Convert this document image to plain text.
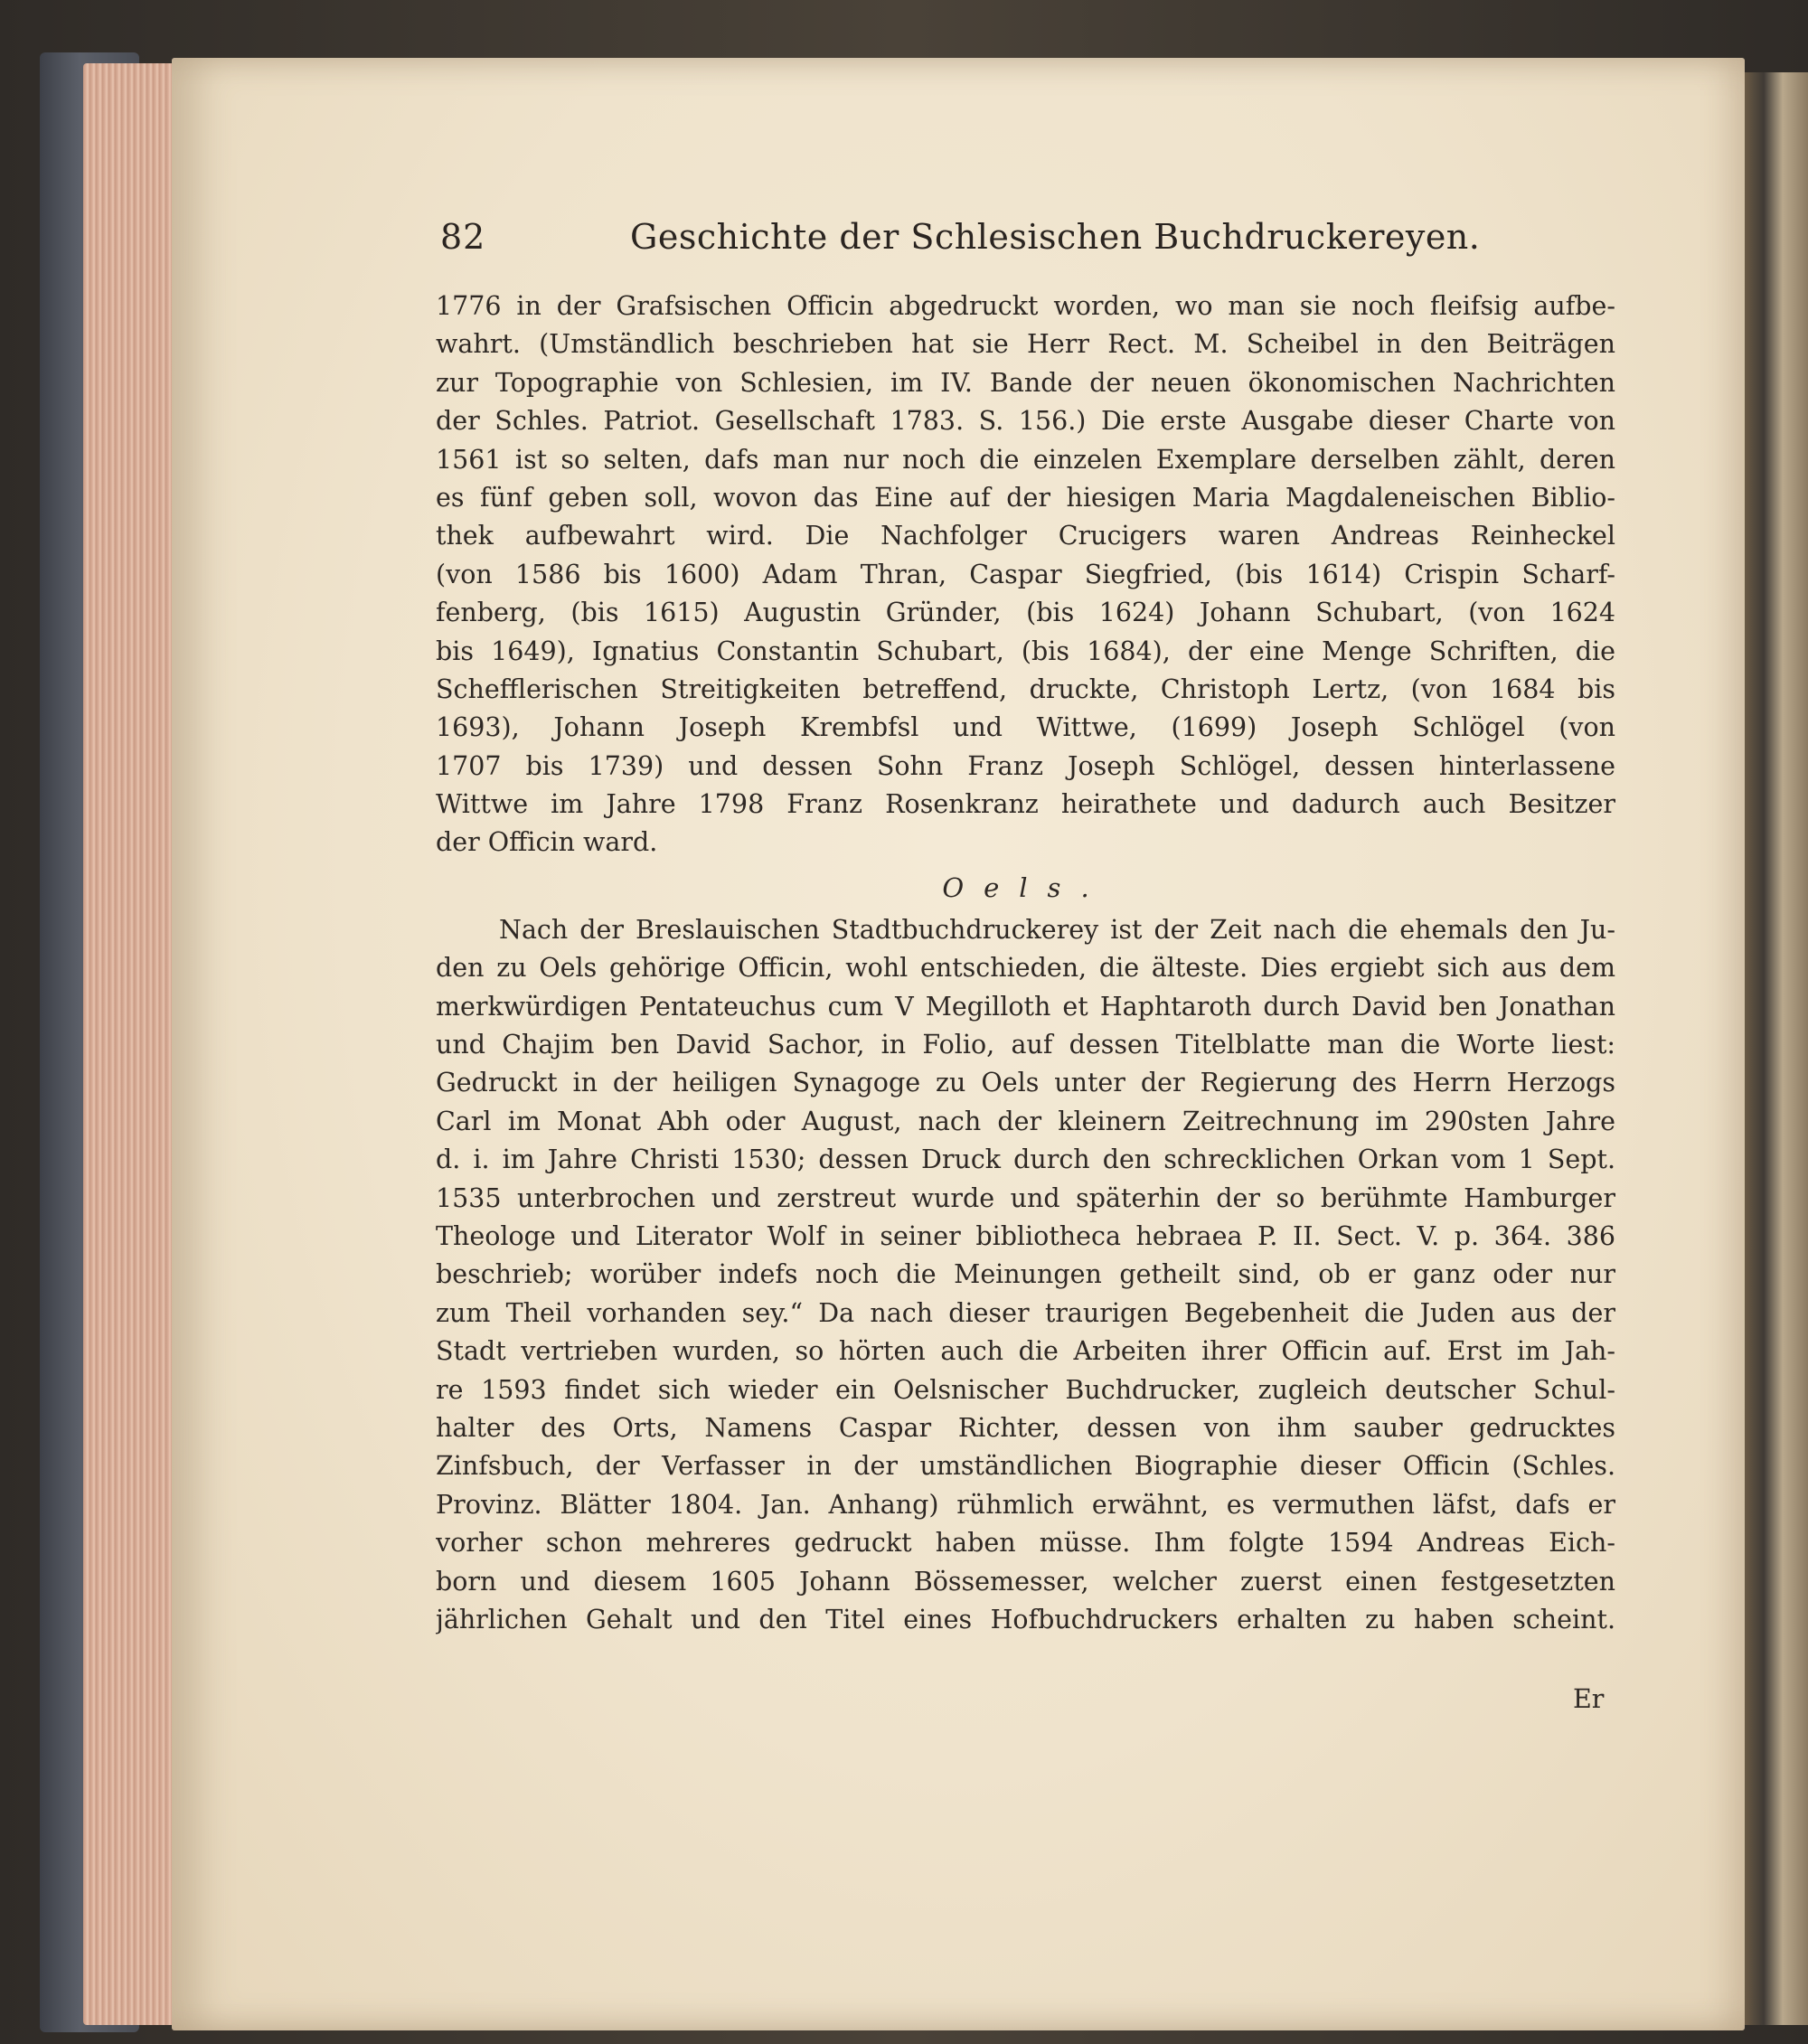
82	Geschichte der Schlesischen Buchdruckereyen.
1776 in der Grafsischen Officin abgedruckt worden, wo man sie noch fleifsig aufbe-
wahrt. (Umständlich beschrieben hat sie Herr Rect. M. Scheibel in den Beiträgen
zur Topographie von Schlesien, im IV. Bande der neuen ökonomischen Nachrichten
der Schles. Patriot. Gesellschaft 1783. S. 156.) Die erste Ausgabe dieser Charte von
1561 ist so selten, dafs man nur noch die einzelen Exemplare derselben zählt, deren
es fünf geben soll, wovon das Eine auf der hiesigen Maria Magdaleneischen Biblio-
thek aufbewahrt wird. Die Nachfolger Crucigers waren Andreas Reinheckel
(von 1586 bis 1600) Adam Thran, Caspar Siegfried, (bis 1614) Crispin Scharf-
fenberg, (bis 1615) Augustin Gründer, (bis 1624) Johann Schubart, (von 1624
bis 1649), Ignatius Constantin Schubart, (bis 1684), der eine Menge Schriften, die
Schefflerischen Streitigkeiten betreffend, druckte, Christoph Lertz, (von 1684 bis
1693), Johann Joseph Krembfsl und Wittwe, (1699) Joseph Schlögel (von
1707 bis 1739) und dessen Sohn Franz Joseph Schlögel, dessen hinterlassene
Wittwe im Jahre 1798 Franz Rosenkranz heirathete und dadurch auch Besitzer
der Officin ward.
Oels.
Nach der Breslauischen Stadtbuchdruckerey ist der Zeit nach die ehemals den Ju-
den zu Oels gehörige Officin, wohl entschieden, die älteste. Dies ergiebt sich aus dem
merkwürdigen Pentateuchus cum V Megilloth et Haphtaroth durch David ben Jonathan
und Chajim ben David Sachor, in Folio, auf dessen Titelblatte man die Worte liest:
Gedruckt in der heiligen Synagoge zu Oels unter der Regierung des Herrn Herzogs
Carl im Monat Abh oder August, nach der kleinern Zeitrechnung im 290sten Jahre
d. i. im Jahre Christi 1530; dessen Druck durch den schrecklichen Orkan vom 1 Sept.
1535 unterbrochen und zerstreut wurde und späterhin der so berühmte Hamburger
Theologe und Literator Wolf in seiner bibliotheca hebraea P. II. Sect. V. p. 364. 386
beschrieb; worüber indefs noch die Meinungen getheilt sind, ob er ganz oder nur
zum Theil vorhanden sey.“ Da nach dieser traurigen Begebenheit die Juden aus der
Stadt vertrieben wurden, so hörten auch die Arbeiten ihrer Officin auf. Erst im Jah-
re 1593 findet sich wieder ein Oelsnischer Buchdrucker, zugleich deutscher Schul-
halter des Orts, Namens Caspar Richter, dessen von ihm sauber gedrucktes
Zinfsbuch, der Verfasser in der umständlichen Biographie dieser Officin (Schles.
Provinz. Blätter 1804. Jan. Anhang) rühmlich erwähnt, es vermuthen läfst, dafs er
vorher schon mehreres gedruckt haben müsse. Ihm folgte 1594 Andreas Eich-
born und diesem 1605 Johann Bössemesser, welcher zuerst einen festgesetzten
jährlichen Gehalt und den Titel eines Hofbuchdruckers erhalten zu haben scheint.
Er
